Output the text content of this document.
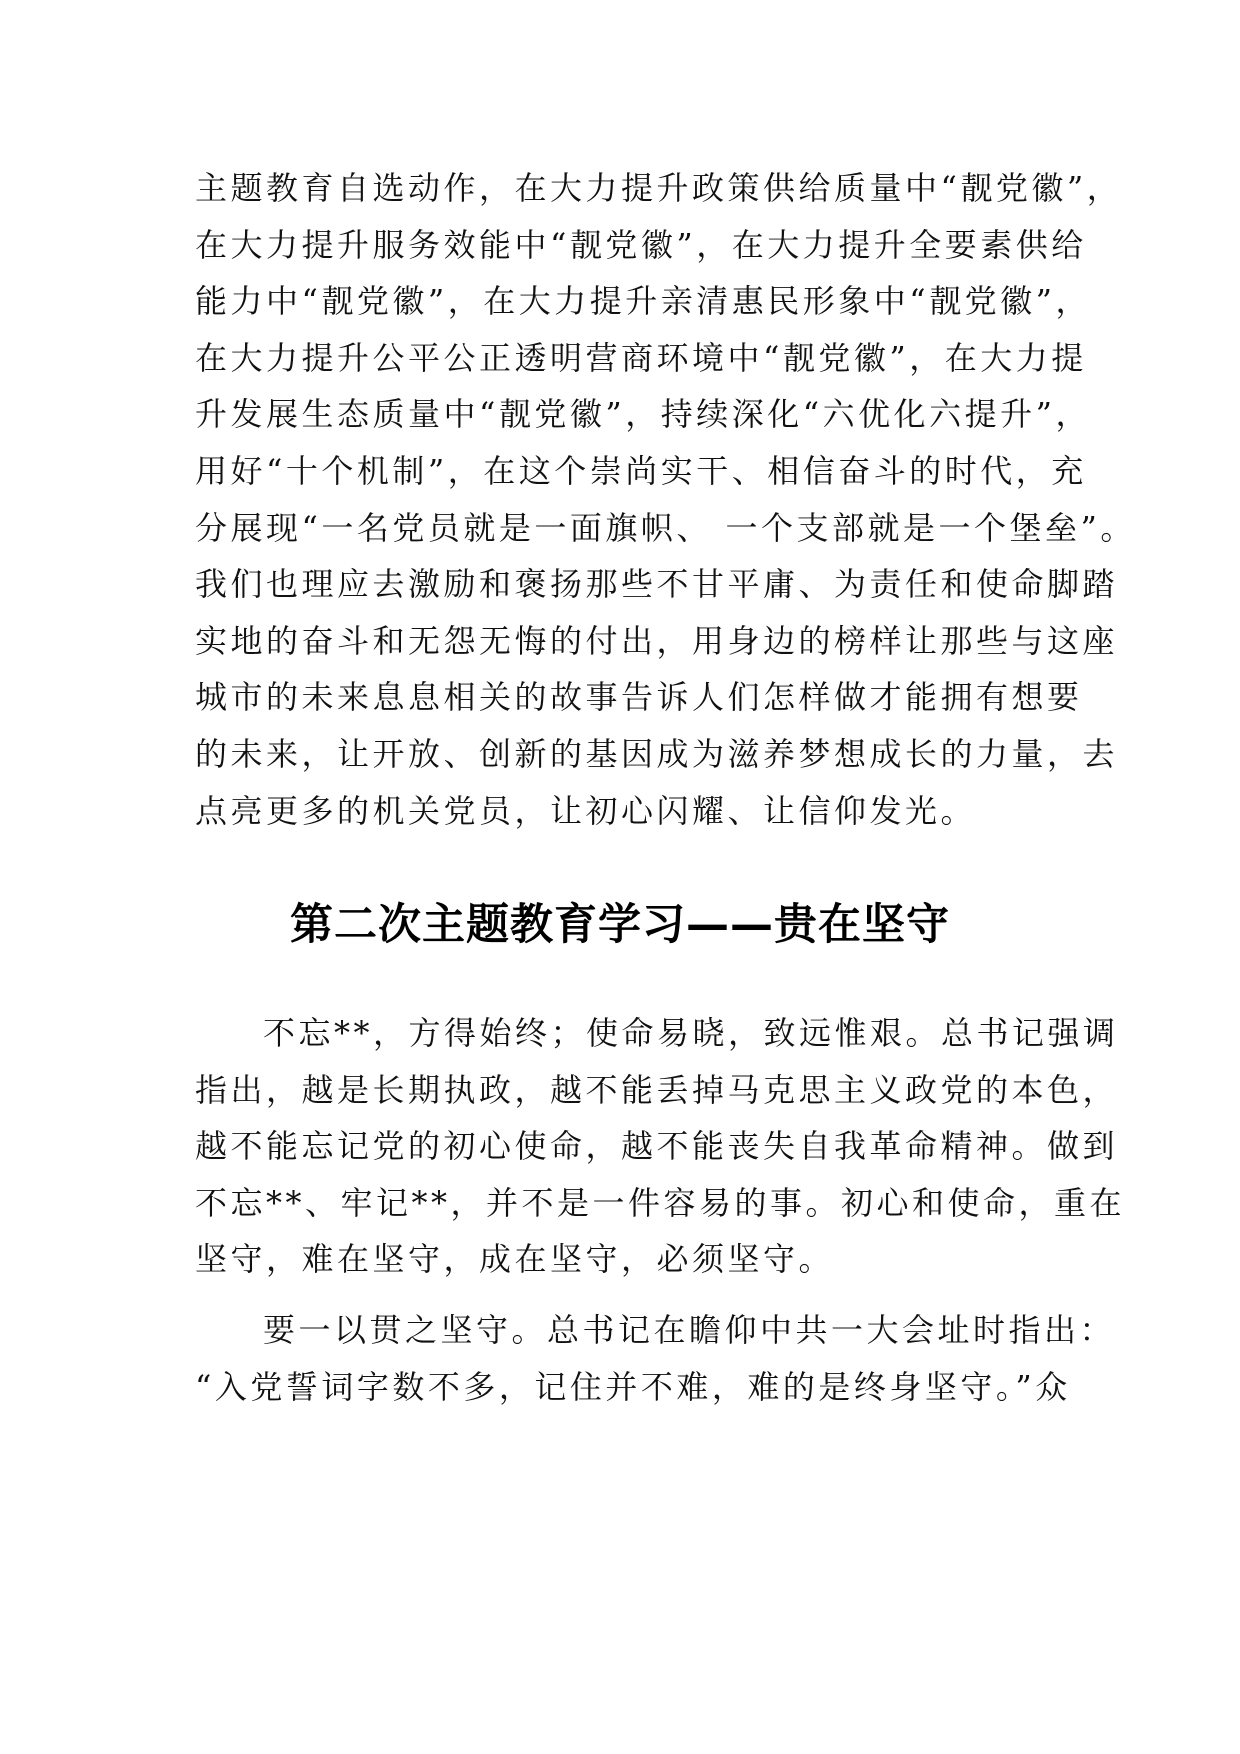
主题教育自选动作，在大力提升政策供给质量中“靓党徽”，
在大力提升服务效能中“靓党徽”，在大力提升全要素供给
能力中“靓党徽”，在大力提升亲清惠民形象中“靓党徽”，
在大力提升公平公正透明营商环境中“靓党徽”，在大力提
升发展生态质量中“靓党徽”，持续深化“六优化六提升”，
用好“十个机制”，在这个崇尚实干、相信奋斗的时代，充
分展现“一名党员就是一面旗帜、 一个支部就是一个堡垒”。
我们也理应去激励和褒扬那些不甘平庸、为责任和使命脚踏
实地的奋斗和无怨无悔的付出，用身边的榜样让那些与这座
城市的未来息息相关的故事告诉人们怎样做才能拥有想要
的未来，让开放、创新的基因成为滋养梦想成长的力量，去
点亮更多的机关党员，让初心闪耀、让信仰发光。
第二次主题教育学习——贵在坚守
不忘**，方得始终；使命易晓，致远惟艰。总书记强调
指出，越是长期执政，越不能丢掉马克思主义政党的本色，
越不能忘记党的初心使命，越不能丧失自我革命精神。做到
不忘**、牢记**，并不是一件容易的事。初心和使命，重在
坚守，难在坚守，成在坚守，必须坚守。
要一以贯之坚守。总书记在瞻仰中共一大会址时指出：
“入党誓词字数不多，记住并不难，难的是终身坚守。”众
